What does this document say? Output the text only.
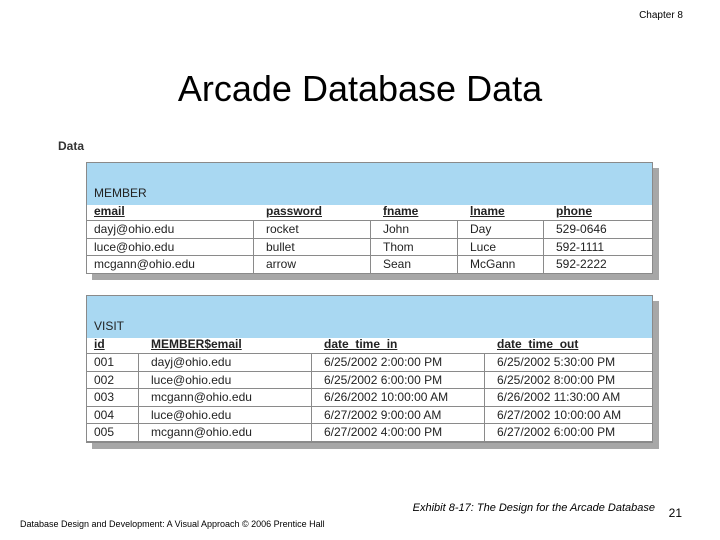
Chapter 8
Arcade Database Data
Data
MEMBER
email	password	fname	lname	phone
dayj@ohio.edu	rocket	John	Day	529-0646
luce@ohio.edu	bullet	Thom	Luce	592-1111
mcgann@ohio.edu	arrow	Sean	McGann	592-2222
VISIT
id	MEMBER$email	date_time_in	date_time_out
001	dayj@ohio.edu	6/25/2002 2:00:00 PM	6/25/2002 5:30:00 PM
002	luce@ohio.edu	6/25/2002 6:00:00 PM	6/25/2002 8:00:00 PM
003	mcgann@ohio.edu	6/26/2002 10:00:00 AM	6/26/2002 11:30:00 AM
004	luce@ohio.edu	6/27/2002 9:00:00 AM	6/27/2002 10:00:00 AM
005	mcgann@ohio.edu	6/27/2002 4:00:00 PM	6/27/2002 6:00:00 PM
Exhibit 8-17: The Design for the Arcade Database 21
Database Design and Development: A Visual Approach © 2006 Prentice Hall
